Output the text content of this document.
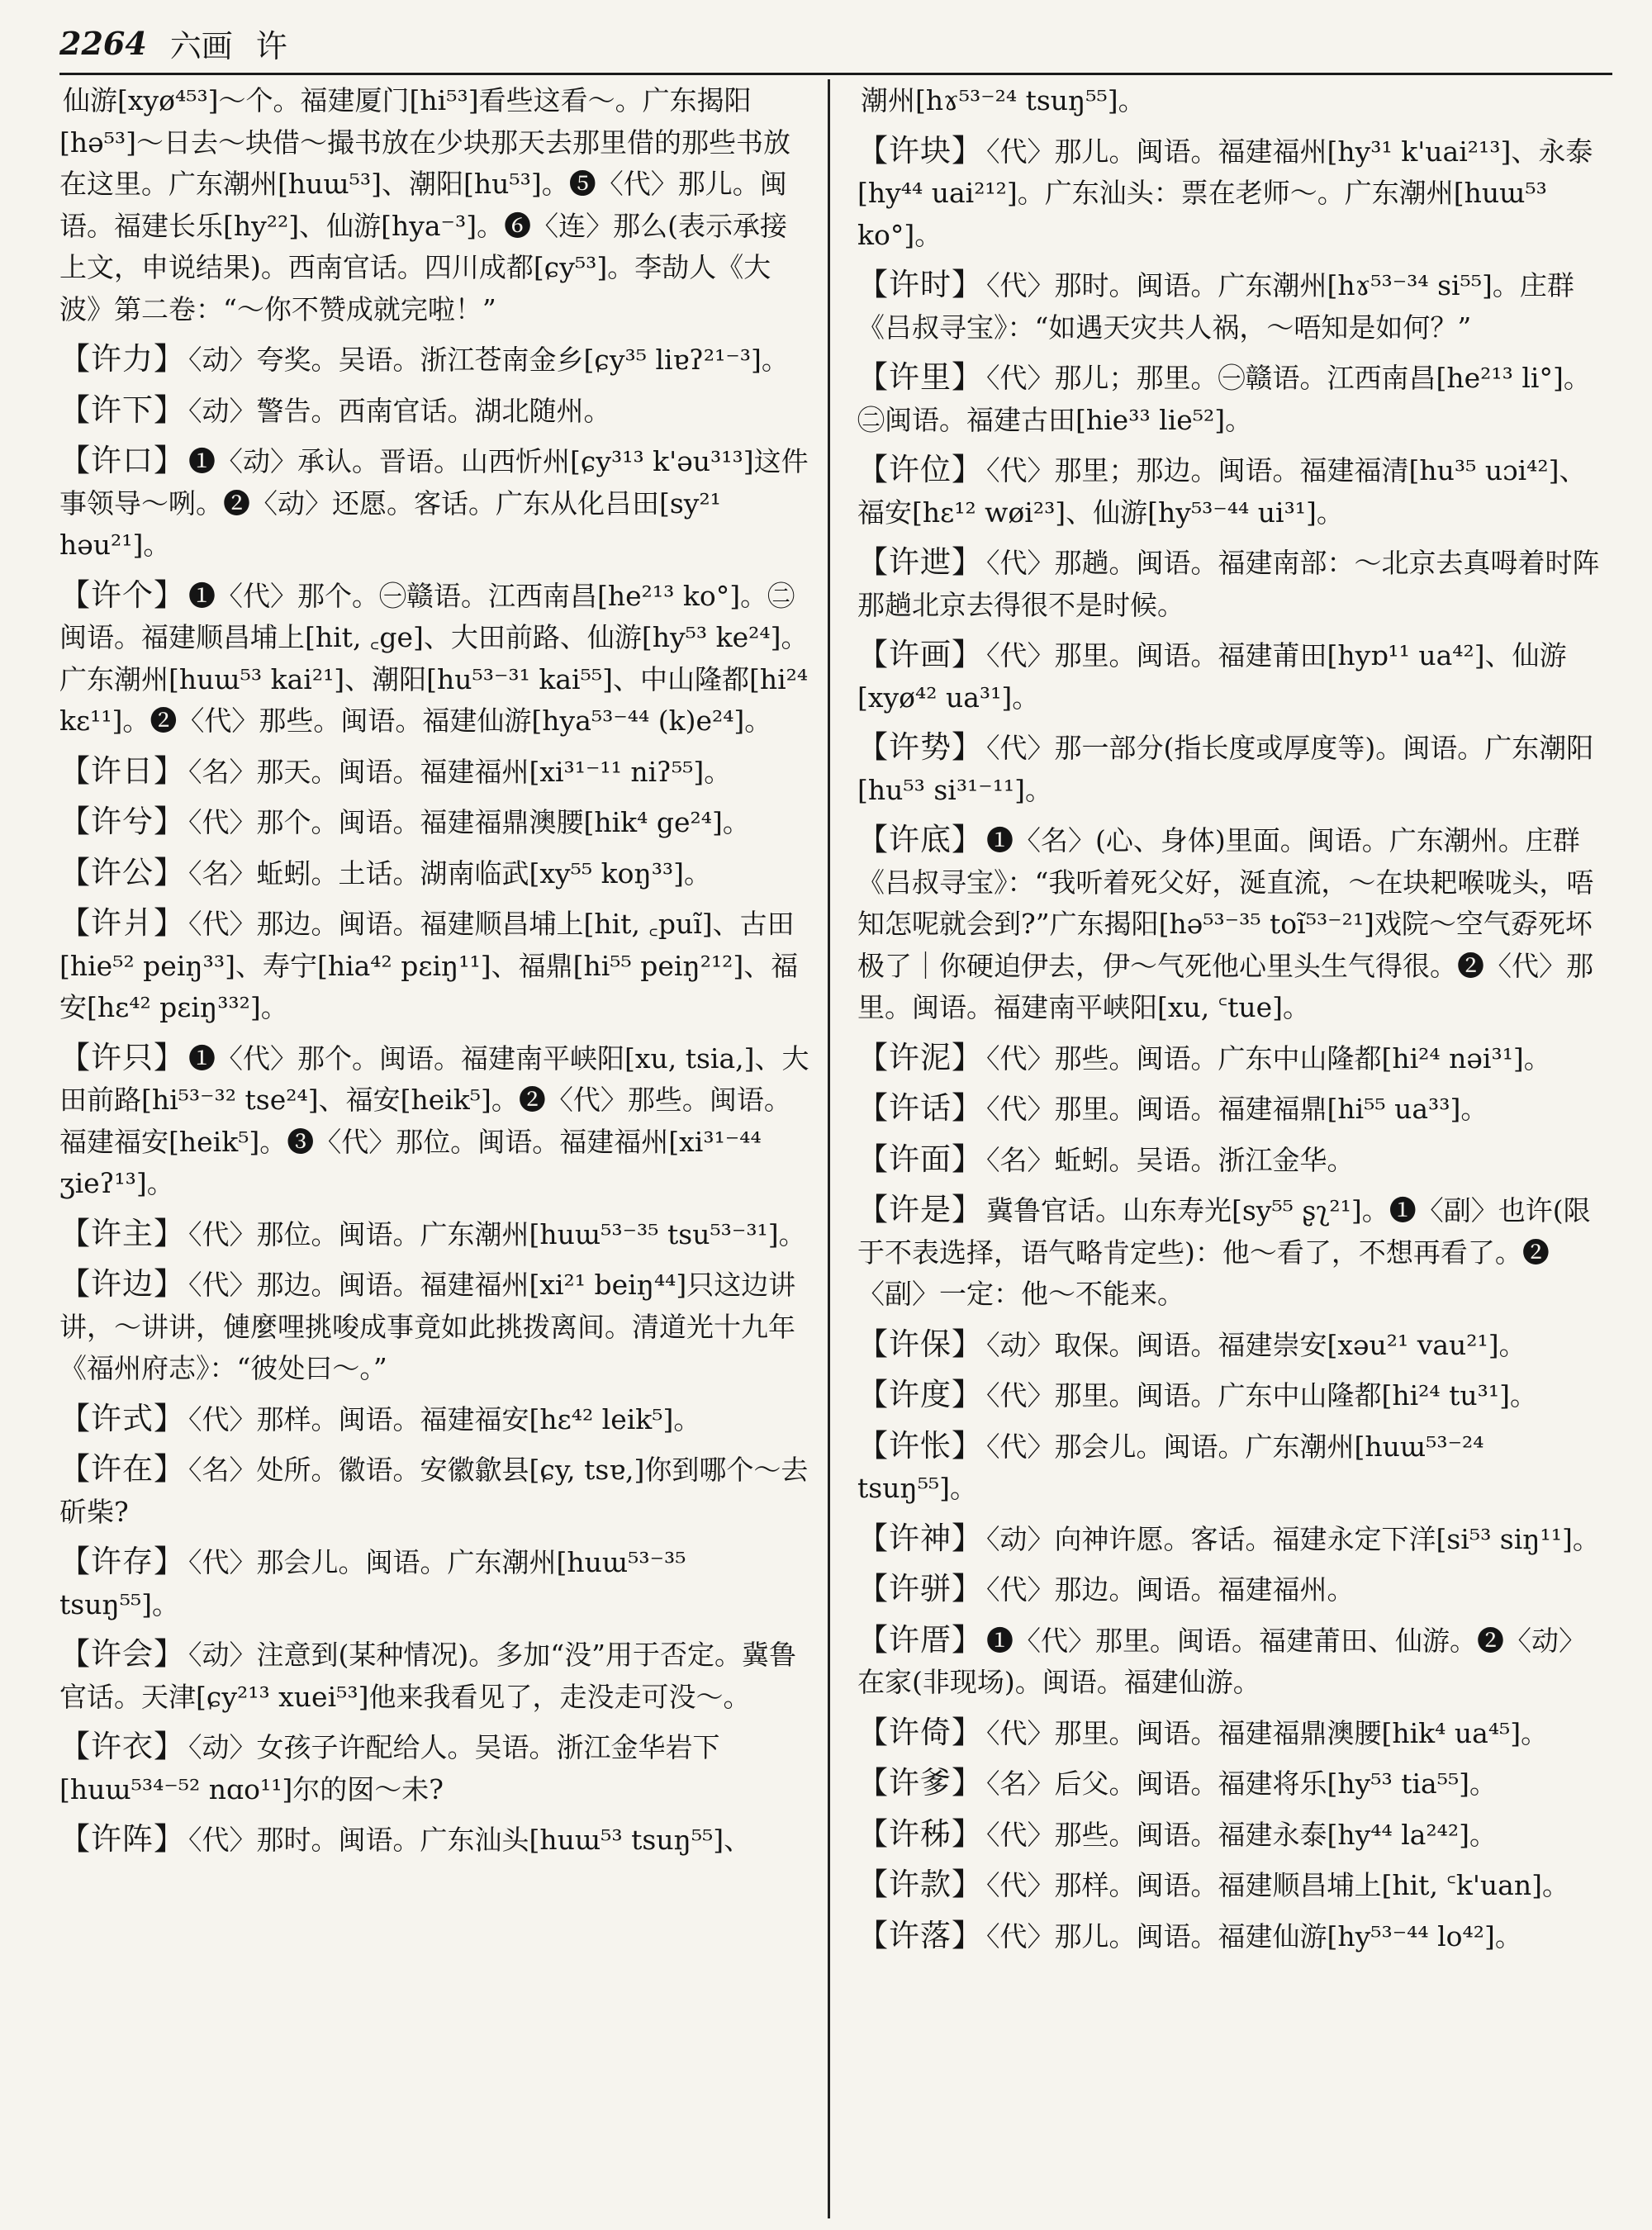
2264 六画 许

仙游[xyø⁴⁵³]～个。福建厦门[hi⁵³]看些这看～。广东揭阳[hə⁵³]～日去～块借～撮书放在少块那天去那里借的那些书放在这里。广东潮州[huɯ⁵³]、潮阳[hu⁵³]。❺〈代〉那儿。闽语。福建长乐[hy²²]、仙游[hya⁻³]。❻〈连〉那么(表示承接上文，申说结果)。西南官话。四川成都[ɕy⁵³]。李劼人《大波》第二卷：“～你不赞成就完啦！”

【许力】 〈动〉夸奖。吴语。浙江苍南金乡[ɕy³⁵ liɐʔ²¹⁻³]。

【许下】 〈动〉警告。西南官话。湖北随州。

【许口】 ❶〈动〉承认。晋语。山西忻州[ɕy³¹³ k'əu³¹³]这件事领导～咧。❷〈动〉还愿。客话。广东从化吕田[sy²¹ həu²¹]。

【许个】 ❶〈代〉那个。㊀赣语。江西南昌[he²¹³ ko°]。㊁闽语。福建顺昌埔上[hit, ꜀ge]、大田前路、仙游[hy⁵³ ke²⁴]。广东潮州[huɯ⁵³ kai²¹]、潮阳[hu⁵³⁻³¹ kai⁵⁵]、中山隆都[hi²⁴ kɛ¹¹]。❷〈代〉那些。闽语。福建仙游[hya⁵³⁻⁴⁴ (k)e²⁴]。

【许日】 〈名〉那天。闽语。福建福州[xi³¹⁻¹¹ niʔ⁵⁵]。

【许兮】 〈代〉那个。闽语。福建福鼎澳腰[hik⁴ ge²⁴]。

【许公】 〈名〉蚯蚓。土话。湖南临武[xy⁵⁵ koŋ³³]。

【许爿】 〈代〉那边。闽语。福建顺昌埔上[hit, ꜀puĩ]、古田[hie⁵² peiŋ³³]、寿宁[hia⁴² pɛiŋ¹¹]、福鼎[hi⁵⁵ peiŋ²¹²]、福安[hɛ⁴² pɛiŋ³³²]。

【许只】 ❶〈代〉那个。闽语。福建南平峡阳[xu, tsia,]、大田前路[hi⁵³⁻³² tse²⁴]、福安[heik⁵]。❷〈代〉那些。闽语。福建福安[heik⁵]。❸〈代〉那位。闽语。福建福州[xi³¹⁻⁴⁴ ʒieʔ¹³]。

【许主】 〈代〉那位。闽语。广东潮州[huɯ⁵³⁻³⁵ tsu⁵³⁻³¹]。

【许边】 〈代〉那边。闽语。福建福州[xi²¹ beiŋ⁴⁴]只这边讲讲，～讲讲，僆麼哩挑唆成事竟如此挑拨离间。清道光十九年《福州府志》：“彼处曰～。”

【许式】 〈代〉那样。闽语。福建福安[hɛ⁴² leik⁵]。

【许在】 〈名〉处所。徽语。安徽歙县[ɕy, tsɐ,]你到哪个～去斫柴?

【许存】 〈代〉那会儿。闽语。广东潮州[huɯ⁵³⁻³⁵ tsuŋ⁵⁵]。

【许会】 〈动〉注意到(某种情况)。多加“没”用于否定。冀鲁官话。天津[ɕy²¹³ xuei⁵³]他来我看见了，走没走可没～。

【许衣】 〈动〉女孩子许配给人。吴语。浙江金华岩下[huɯ⁵³⁴⁻⁵² nɑo¹¹]尔的囡～未?

【许阵】 〈代〉那时。闽语。广东汕头[huɯ⁵³ tsuŋ⁵⁵]、

潮州[hɤ⁵³⁻²⁴ tsuŋ⁵⁵]。

【许块】 〈代〉那儿。闽语。福建福州[hy³¹ k'uai²¹³]、永泰[hy⁴⁴ uai²¹²]。广东汕头：票在老师～。广东潮州[huɯ⁵³ ko°]。

【许时】 〈代〉那时。闽语。广东潮州[hɤ⁵³⁻³⁴ si⁵⁵]。庄群《吕叔寻宝》：“如遇天灾共人祸，～唔知是如何？”

【许里】 〈代〉那儿；那里。㊀赣语。江西南昌[he²¹³ li°]。㊁闽语。福建古田[hie³³ lie⁵²]。

【许位】 〈代〉那里；那边。闽语。福建福清[hu³⁵ uɔi⁴²]、福安[hɛ¹² wøi²³]、仙游[hy⁵³⁻⁴⁴ ui³¹]。

【许迣】 〈代〉那趟。闽语。福建南部：～北京去真呣着时阵那趟北京去得很不是时候。

【许画】 〈代〉那里。闽语。福建莆田[hyɒ¹¹ ua⁴²]、仙游[xyø⁴² ua³¹]。

【许势】 〈代〉那一部分(指长度或厚度等)。闽语。广东潮阳[hu⁵³ si³¹⁻¹¹]。

【许底】 ❶〈名〉(心、身体)里面。闽语。广东潮州。庄群《吕叔寻宝》：“我听着死父好，涎直流，～在块耙喉咙头，唔知怎呢就会到?”广东揭阳[hə⁵³⁻³⁵ toĩ⁵³⁻²¹]戏院～空气孬死坏极了｜你硬迫伊去，伊～气死他心里头生气得很。❷〈代〉那里。闽语。福建南平峡阳[xu, ꜂tue]。

【许泥】 〈代〉那些。闽语。广东中山隆都[hi²⁴ nəi³¹]。

【许话】 〈代〉那里。闽语。福建福鼎[hi⁵⁵ ua³³]。

【许面】 〈名〉蚯蚓。吴语。浙江金华。

【许是】 冀鲁官话。山东寿光[sy⁵⁵ ʂʅ²¹]。❶〈副〉也许(限于不表选择，语气略肯定些)：他～看了，不想再看了。❷〈副〉一定：他～不能来。

【许保】 〈动〉取保。闽语。福建崇安[xəu²¹ vau²¹]。

【许度】 〈代〉那里。闽语。广东中山隆都[hi²⁴ tu³¹]。

【许怅】 〈代〉那会儿。闽语。广东潮州[huɯ⁵³⁻²⁴ tsuŋ⁵⁵]。

【许神】 〈动〉向神许愿。客话。福建永定下洋[si⁵³ siŋ¹¹]。

【许骈】 〈代〉那边。闽语。福建福州。

【许厝】 ❶〈代〉那里。闽语。福建莆田、仙游。❷〈动〉在家(非现场)。闽语。福建仙游。

【许倚】 〈代〉那里。闽语。福建福鼎澳腰[hik⁴ ua⁴⁵]。

【许爹】 〈名〉后父。闽语。福建将乐[hy⁵³ tia⁵⁵]。

【许秭】 〈代〉那些。闽语。福建永泰[hy⁴⁴ la²⁴²]。

【许款】 〈代〉那样。闽语。福建顺昌埔上[hit, ꜂k'uan]。

【许落】 〈代〉那儿。闽语。福建仙游[hy⁵³⁻⁴⁴ lo⁴²]。
